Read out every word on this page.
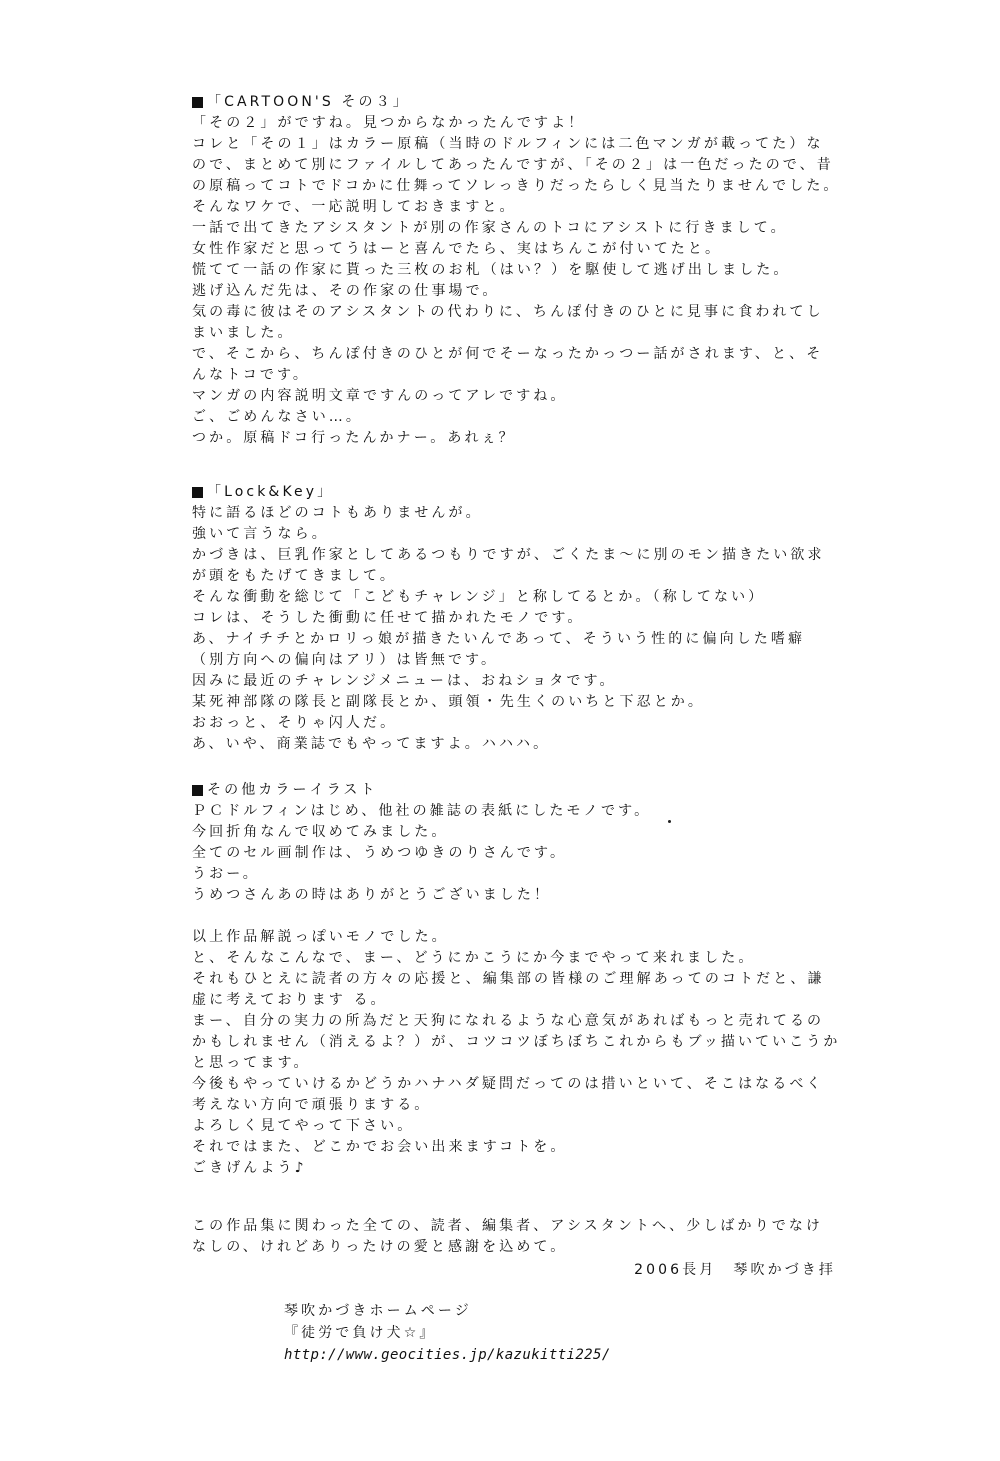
「CARTOON'S その３」
「その２」がですね。見つからなかったんですよ！
コレと「その１」はカラー原稿（当時のドルフィンには二色マンガが載ってた）な
ので、まとめて別にファイルしてあったんですが、「その２」は一色だったので、昔
の原稿ってコトでドコかに仕舞ってソレっきりだったらしく見当たりませんでした。
そんなワケで、一応説明しておきますと。
一話で出てきたアシスタントが別の作家さんのトコにアシストに行きまして。
女性作家だと思ってうはーと喜んでたら、実はちんこが付いてたと。
慌てて一話の作家に貰った三枚のお札（はい？）を駆使して逃げ出しました。
逃げ込んだ先は、その作家の仕事場で。
気の毒に彼はそのアシスタントの代わりに、ちんぽ付きのひとに見事に食われてし
まいました。
で、そこから、ちんぽ付きのひとが何でそーなったかっつー話がされます、と、そ
んなトコです。
マンガの内容説明文章ですんのってアレですね。
ご、ごめんなさい…。
つか。原稿ドコ行ったんかナー。あれぇ？
「Lock&Key」
特に語るほどのコトもありませんが。
強いて言うなら。
かづきは、巨乳作家としてあるつもりですが、ごくたま～に別のモン描きたい欲求
が頭をもたげてきまして。
そんな衝動を総じて「こどもチャレンジ」と称してるとか。（称してない）
コレは、そうした衝動に任せて描かれたモノです。
あ、ナイチチとかロリっ娘が描きたいんであって、そういう性的に偏向した嗜癖
（別方向への偏向はアリ）は皆無です。
因みに最近のチャレンジメニューは、おねショタです。
某死神部隊の隊長と副隊長とか、頭領・先生くのいちと下忍とか。
おおっと、そりゃ闪人だ。
あ、いや、商業誌でもやってますよ。ハハハ。
その他カラーイラスト
ＰＣドルフィンはじめ、他社の雑誌の表紙にしたモノです。
今回折角なんで収めてみました。
全てのセル画制作は、うめつゆきのりさんです。
うおー。
うめつさんあの時はありがとうございました！
以上作品解説っぽいモノでした。
と、そんなこんなで、まー、どうにかこうにか今までやって来れました。
それもひとえに読者の方々の応援と、編集部の皆様のご理解あってのコトだと、謙
虚に考えております る。
まー、自分の実力の所為だと天狗になれるような心意気があればもっと売れてるの
かもしれません（消えるよ？）が、コツコツぼちぼちこれからもブッ描いていこうか
と思ってます。
今後もやっていけるかどうかハナハダ疑問だってのは措いといて、そこはなるべく
考えない方向で頑張りまする。
よろしく見てやって下さい。
それではまた、どこかでお会い出来ますコトを。
ごきげんよう♪
この作品集に関わった全ての、読者、編集者、アシスタントへ、少しばかりでなけ
なしの、けれどありったけの愛と感謝を込めて。
2006長月　琴吹かづき拝
琴吹かづきホームページ
『徒労で負け犬☆』
http://www.geocities.jp/kazukitti225/
